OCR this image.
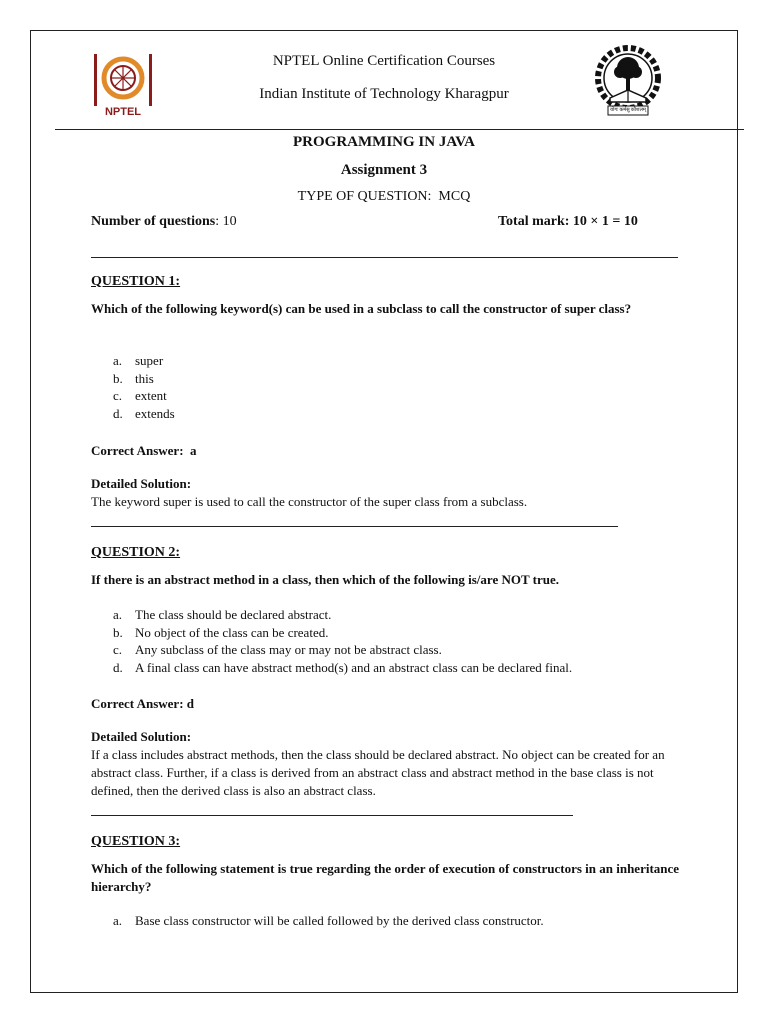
NPTEL
NPTEL Online Certification Courses
Indian Institute of Technology Kharagpur
योगः कर्मसु कौशलम्
PROGRAMMING IN JAVA
Assignment 3
TYPE OF QUESTION:  MCQ
Number of questions: 10	Total mark: 10 × 1 = 10
QUESTION 1:
Which of the following keyword(s) can be used in a subclass to call the constructor of super class?
a. super
b. this
c. extent
d. extends
Correct Answer:  a
Detailed Solution:
The keyword super is used to call the constructor of the super class from a subclass.
QUESTION 2:
If there is an abstract method in a class, then which of the following is/are NOT true.
a. The class should be declared abstract.
b. No object of the class can be created.
c. Any subclass of the class may or may not be abstract class.
d. A final class can have abstract method(s) and an abstract class can be declared final.
Correct Answer: d
Detailed Solution:
If a class includes abstract methods, then the class should be declared abstract. No object can be created for an abstract class. Further, if a class is derived from an abstract class and abstract method in the base class is not defined, then the derived class is also an abstract class.
QUESTION 3:
Which of the following statement is true regarding the order of execution of constructors in an inheritance hierarchy?
a. Base class constructor will be called followed by the derived class constructor.
